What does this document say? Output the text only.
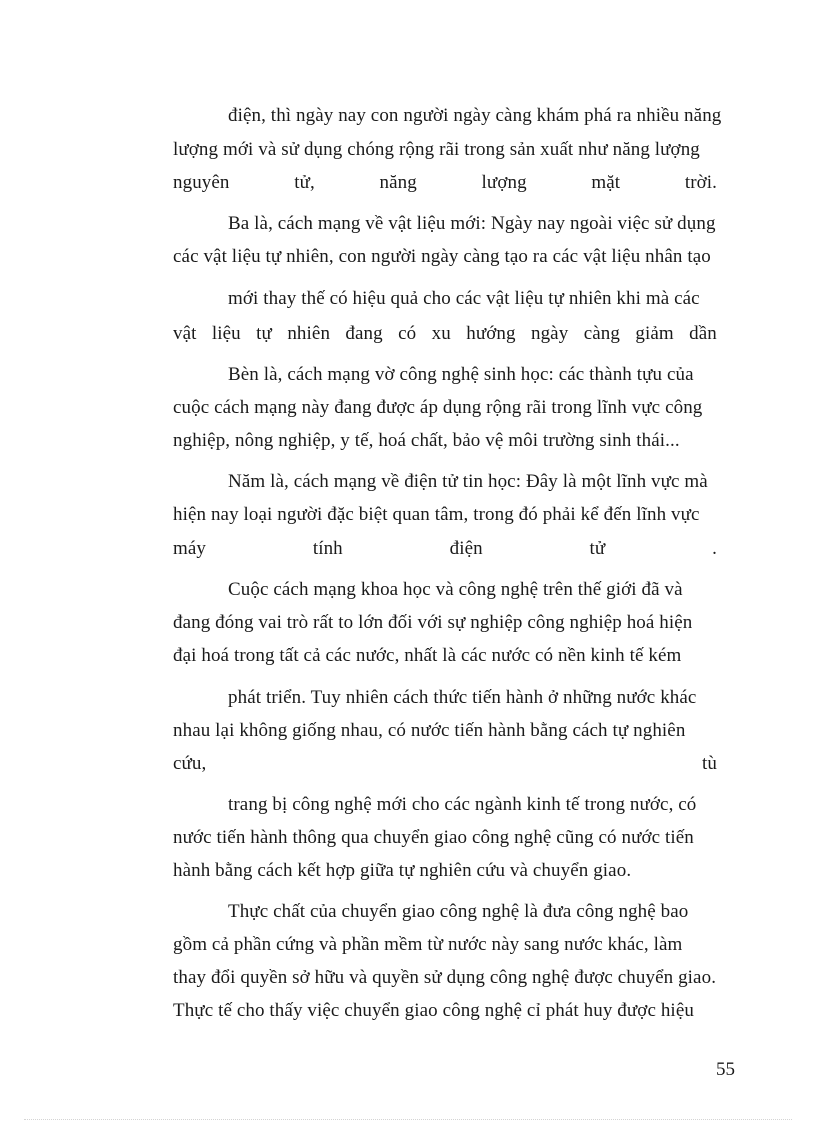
điện, thì ngày nay con người ngày càng khám phá ra nhiều năng
lượng mới và sử dụng chóng rộng rãi trong sản xuất như năng lượng
nguyên	tử,	năng	lượng	mặt	trời.
Ba là, cách mạng về vật liệu mới: Ngày nay ngoài việc sử dụng
các vật liệu tự nhiên, con người ngày càng tạo ra các vật liệu nhân tạo
mới thay thế có hiệu quả cho các vật liệu tự nhiên khi mà các
vật liệu tự nhiên đang có xu hướng ngày càng giảm dần
Bèn là, cách mạng vờ công nghệ sinh học: các thành tựu của
cuộc cách mạng này đang được áp dụng rộng rãi trong lĩnh vực công
nghiệp, nông nghiệp, y tế, hoá chất, bảo vệ môi trường sinh thái...
Năm là, cách mạng về điện tử tin học: Đây là một lĩnh vực mà
hiện nay loại người đặc biệt quan tâm, trong đó phải kể đến lĩnh vực
máy	tính	điện	tử	.
Cuộc cách mạng khoa học và công nghệ trên thế giới đã và
đang đóng vai trò rất to lớn đối với sự nghiệp công nghiệp hoá hiện
đại hoá trong tất cả các nước, nhất là các nước có nền kinh tế kém
phát triển. Tuy nhiên cách thức tiến hành ở những nước khác
nhau lại không giống nhau, có nước tiến hành bằng cách tự nghiên
cứu,	tù
trang bị công nghệ mới cho các ngành kinh tế trong nước, có
nước tiến hành thông qua chuyển giao công nghệ cũng có nước tiến
hành bằng cách kết hợp giữa tự nghiên cứu và chuyển giao.
Thực chất của chuyển giao công nghệ là đưa công nghệ bao
gồm cả phần cứng và phần mềm từ nước này sang nước khác, làm
thay đổi quyền sở hữu và quyền sử dụng công nghệ được chuyển giao.
Thực tế cho thấy việc chuyển giao công nghệ cỉ phát huy được hiệu
55
